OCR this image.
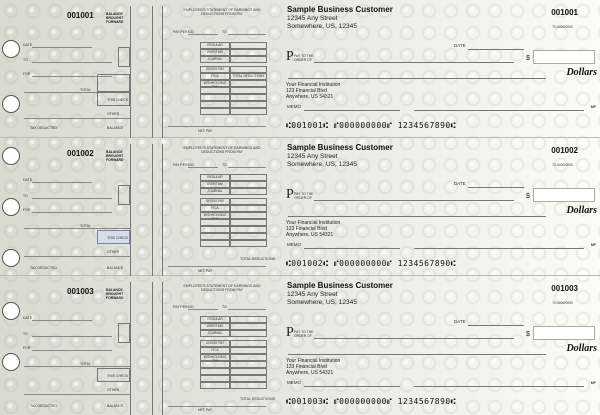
001001	BALANCE BROUGHT FORWARD
DATE
TO
FOR
TOTAL
THIS CHECK
OTHER
TAX DEDUCTED	BALANCE
EMPLOYEE'S STATEMENT OF EARNINGS AND DEDUCTIONS FROM PAY
PAY PERIOD	TO
REGULAR
OVERTIME
JOURNAL
GROSS PAY
FICA	TOTAL DEDUCTIONS
WITHHOLDING TAX
NET PAY
Sample Business Customer
12345 Any Street
Somewhere, US, 12345
001001
70-0000/0000
DATE
P PAY TO THE ORDER OF	$
Dollars
Your Financial Institution
123 Financial Blvd
Anywhere, US 54321
MEMO	MP
⑆001001⑆ ⑈000000000⑈ 1234567890⑆
001002	BALANCE BROUGHT FORWARD
DATE
TO
FOR
TOTAL
THIS CHECK
OTHER
TAX DEDUCTED	BALANCE
EMPLOYEE'S STATEMENT OF EARNINGS AND DEDUCTIONS FROM PAY
PAY PERIOD	TO
REGULAR
OVERTIME
JOURNAL
GROSS PAY
FICA
WITHHOLDING TAX
TOTAL DEDUCTIONS
NET PAY
Sample Business Customer
12345 Any Street
Somewhere, US, 12345
001002
70-0000/0000
DATE
P PAY TO THE ORDER OF	$
Dollars
Your Financial Institution
123 Financial Blvd
Anywhere, US 54321
MEMO	MP
⑆001002⑆ ⑈000000000⑈ 1234567890⑆
001003	BALANCE BROUGHT FORWARD
DATE
TO
FOR
TOTAL
THIS CHECK
OTHER
TAX DEDUCTED	BALANCE
EMPLOYEE'S STATEMENT OF EARNINGS AND DEDUCTIONS FROM PAY
PAY PERIOD	TO
REGULAR
OVERTIME
JOURNAL
GROSS PAY
FICA
WITHHOLDING TAX
TOTAL DEDUCTIONS
NET PAY
Sample Business Customer
12345 Any Street
Somewhere, US, 12345
001003
70-0000/0000
DATE
P PAY TO THE ORDER OF	$
Dollars
Your Financial Institution
123 Financial Blvd
Anywhere, US 54321
MEMO	MP
⑆001003⑆ ⑈000000000⑈ 1234567890⑆
